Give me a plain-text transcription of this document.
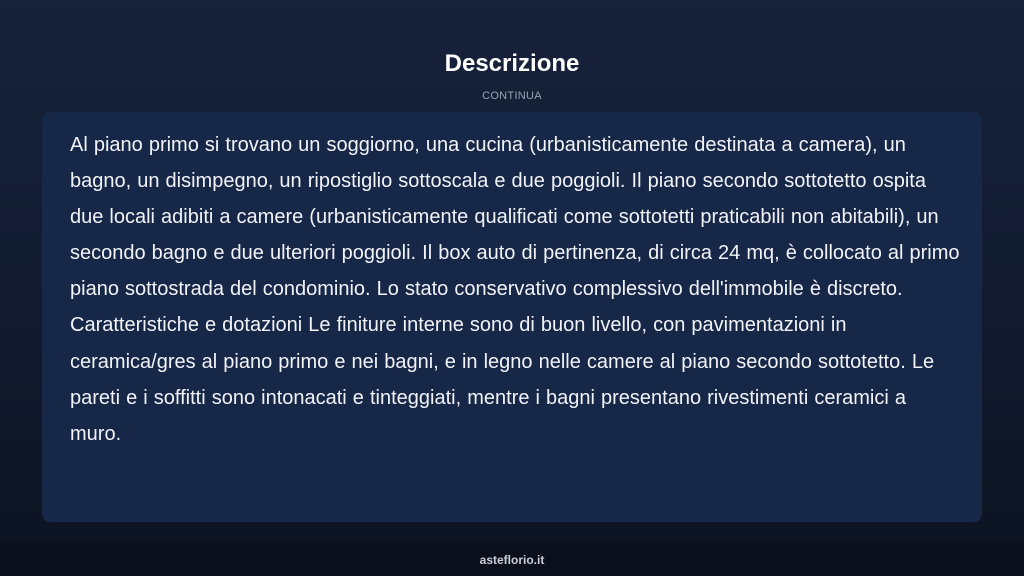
Descrizione
CONTINUA

Al piano primo si trovano un soggiorno, una cucina (urbanisticamente destinata a camera), un bagno, un disimpegno, un ripostiglio sottoscala e due poggioli. Il piano secondo sottotetto ospita due locali adibiti a camere (urbanisticamente qualificati come sottotetti praticabili non abitabili), un secondo bagno e due ulteriori poggioli. Il box auto di pertinenza, di circa 24 mq, è collocato al primo piano sottostrada del condominio. Lo stato conservativo complessivo dell'immobile è discreto. Caratteristiche e dotazioni Le finiture interne sono di buon livello, con pavimentazioni in ceramica/gres al piano primo e nei bagni, e in legno nelle camere al piano secondo sottotetto. Le pareti e i soffitti sono intonacati e tinteggiati, mentre i bagni presentano rivestimenti ceramici a muro.

asteflorio.it
